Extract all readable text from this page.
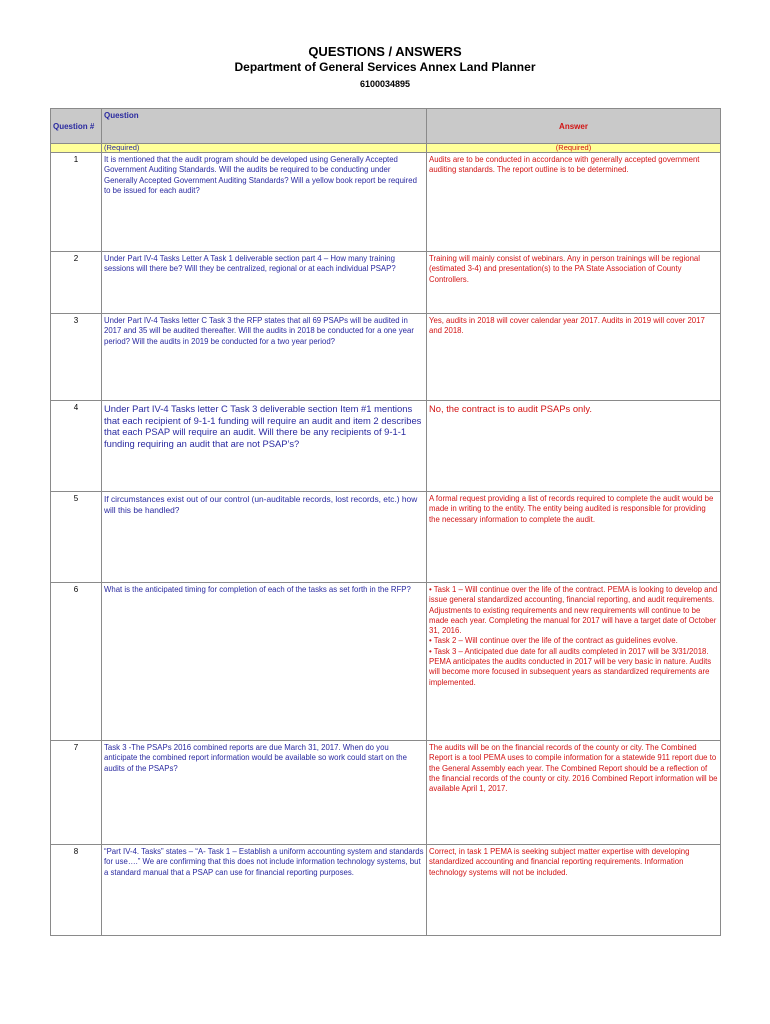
QUESTIONS / ANSWERS
Department of General Services Annex Land Planner
6100034895
Question #	Question	Answer
	(Required)	(Required)
1	It is mentioned that the audit program should be developed using Generally Accepted Government Auditing Standards. Will the audits be required to be conducting under Generally Accepted Government Auditing Standards? Will a yellow book report be required to be issued for each audit?	Audits are to be conducted in accordance with generally accepted government auditing standards. The report outline is to be determined.
2	Under Part IV-4 Tasks Letter A Task 1 deliverable section part 4 – How many training sessions will there be? Will they be centralized, regional or at each individual PSAP?	Training will mainly consist of webinars. Any in person trainings will be regional (estimated 3-4) and presentation(s) to the PA State Association of County Controllers.
3	Under Part IV-4 Tasks letter C Task 3 the RFP states that all 69 PSAPs will be audited in 2017 and 35 will be audited thereafter. Will the audits in 2018 be conducted for a one year period? Will the audits in 2019 be conducted for a two year period?	Yes, audits in 2018 will cover calendar year 2017. Audits in 2019 will cover 2017 and 2018.
4	Under Part IV-4 Tasks letter C Task 3 deliverable section Item #1 mentions that each recipient of 9-1-1 funding will require an audit and item 2 describes that each PSAP will require an audit. Will there be any recipients of 9-1-1 funding requiring an audit that are not PSAP’s?	No, the contract is to audit PSAPs only.
5	If circumstances exist out of our control (un-auditable records, lost records, etc.) how will this be handled?	A formal request providing a list of records required to complete the audit would be made in writing to the entity. The entity being audited is responsible for providing the necessary information to complete the audit.
6	What is the anticipated timing for completion of each of the tasks as set forth in the RFP?	• Task 1 – Will continue over the life of the contract. PEMA is looking to develop and issue general standardized accounting, financial reporting, and audit requirements. Adjustments to existing requirements and new requirements will continue to be made each year. Completing the manual for 2017 will have a target date of October 31, 2016.
• Task 2 – Will continue over the life of the contract as guidelines evolve.
• Task 3 – Anticipated due date for all audits completed in 2017 will be 3/31/2018. PEMA anticipates the audits conducted in 2017 will be very basic in nature. Audits will become more focused in subsequent years as standardized requirements are implemented.

7	Task 3 -The PSAPs 2016 combined reports are due March 31, 2017. When do you anticipate the combined report information would be available so work could start on the audits of the PSAPs?	The audits will be on the financial records of the county or city. The Combined Report is a tool PEMA uses to compile information for a statewide 911 report due to the General Assembly each year. The Combined Report should be a reflection of the financial records of the county or city. 2016 Combined Report information will be available April 1, 2017.
8	“Part IV-4. Tasks” states – “A- Task 1 – Establish a uniform accounting system and standards for use….” We are confirming that this does not include information technology systems, but a standard manual that a PSAP can use for financial reporting purposes.	Correct, in task 1 PEMA is seeking subject matter expertise with developing standardized accounting and financial reporting requirements. Information technology systems will not be included.
